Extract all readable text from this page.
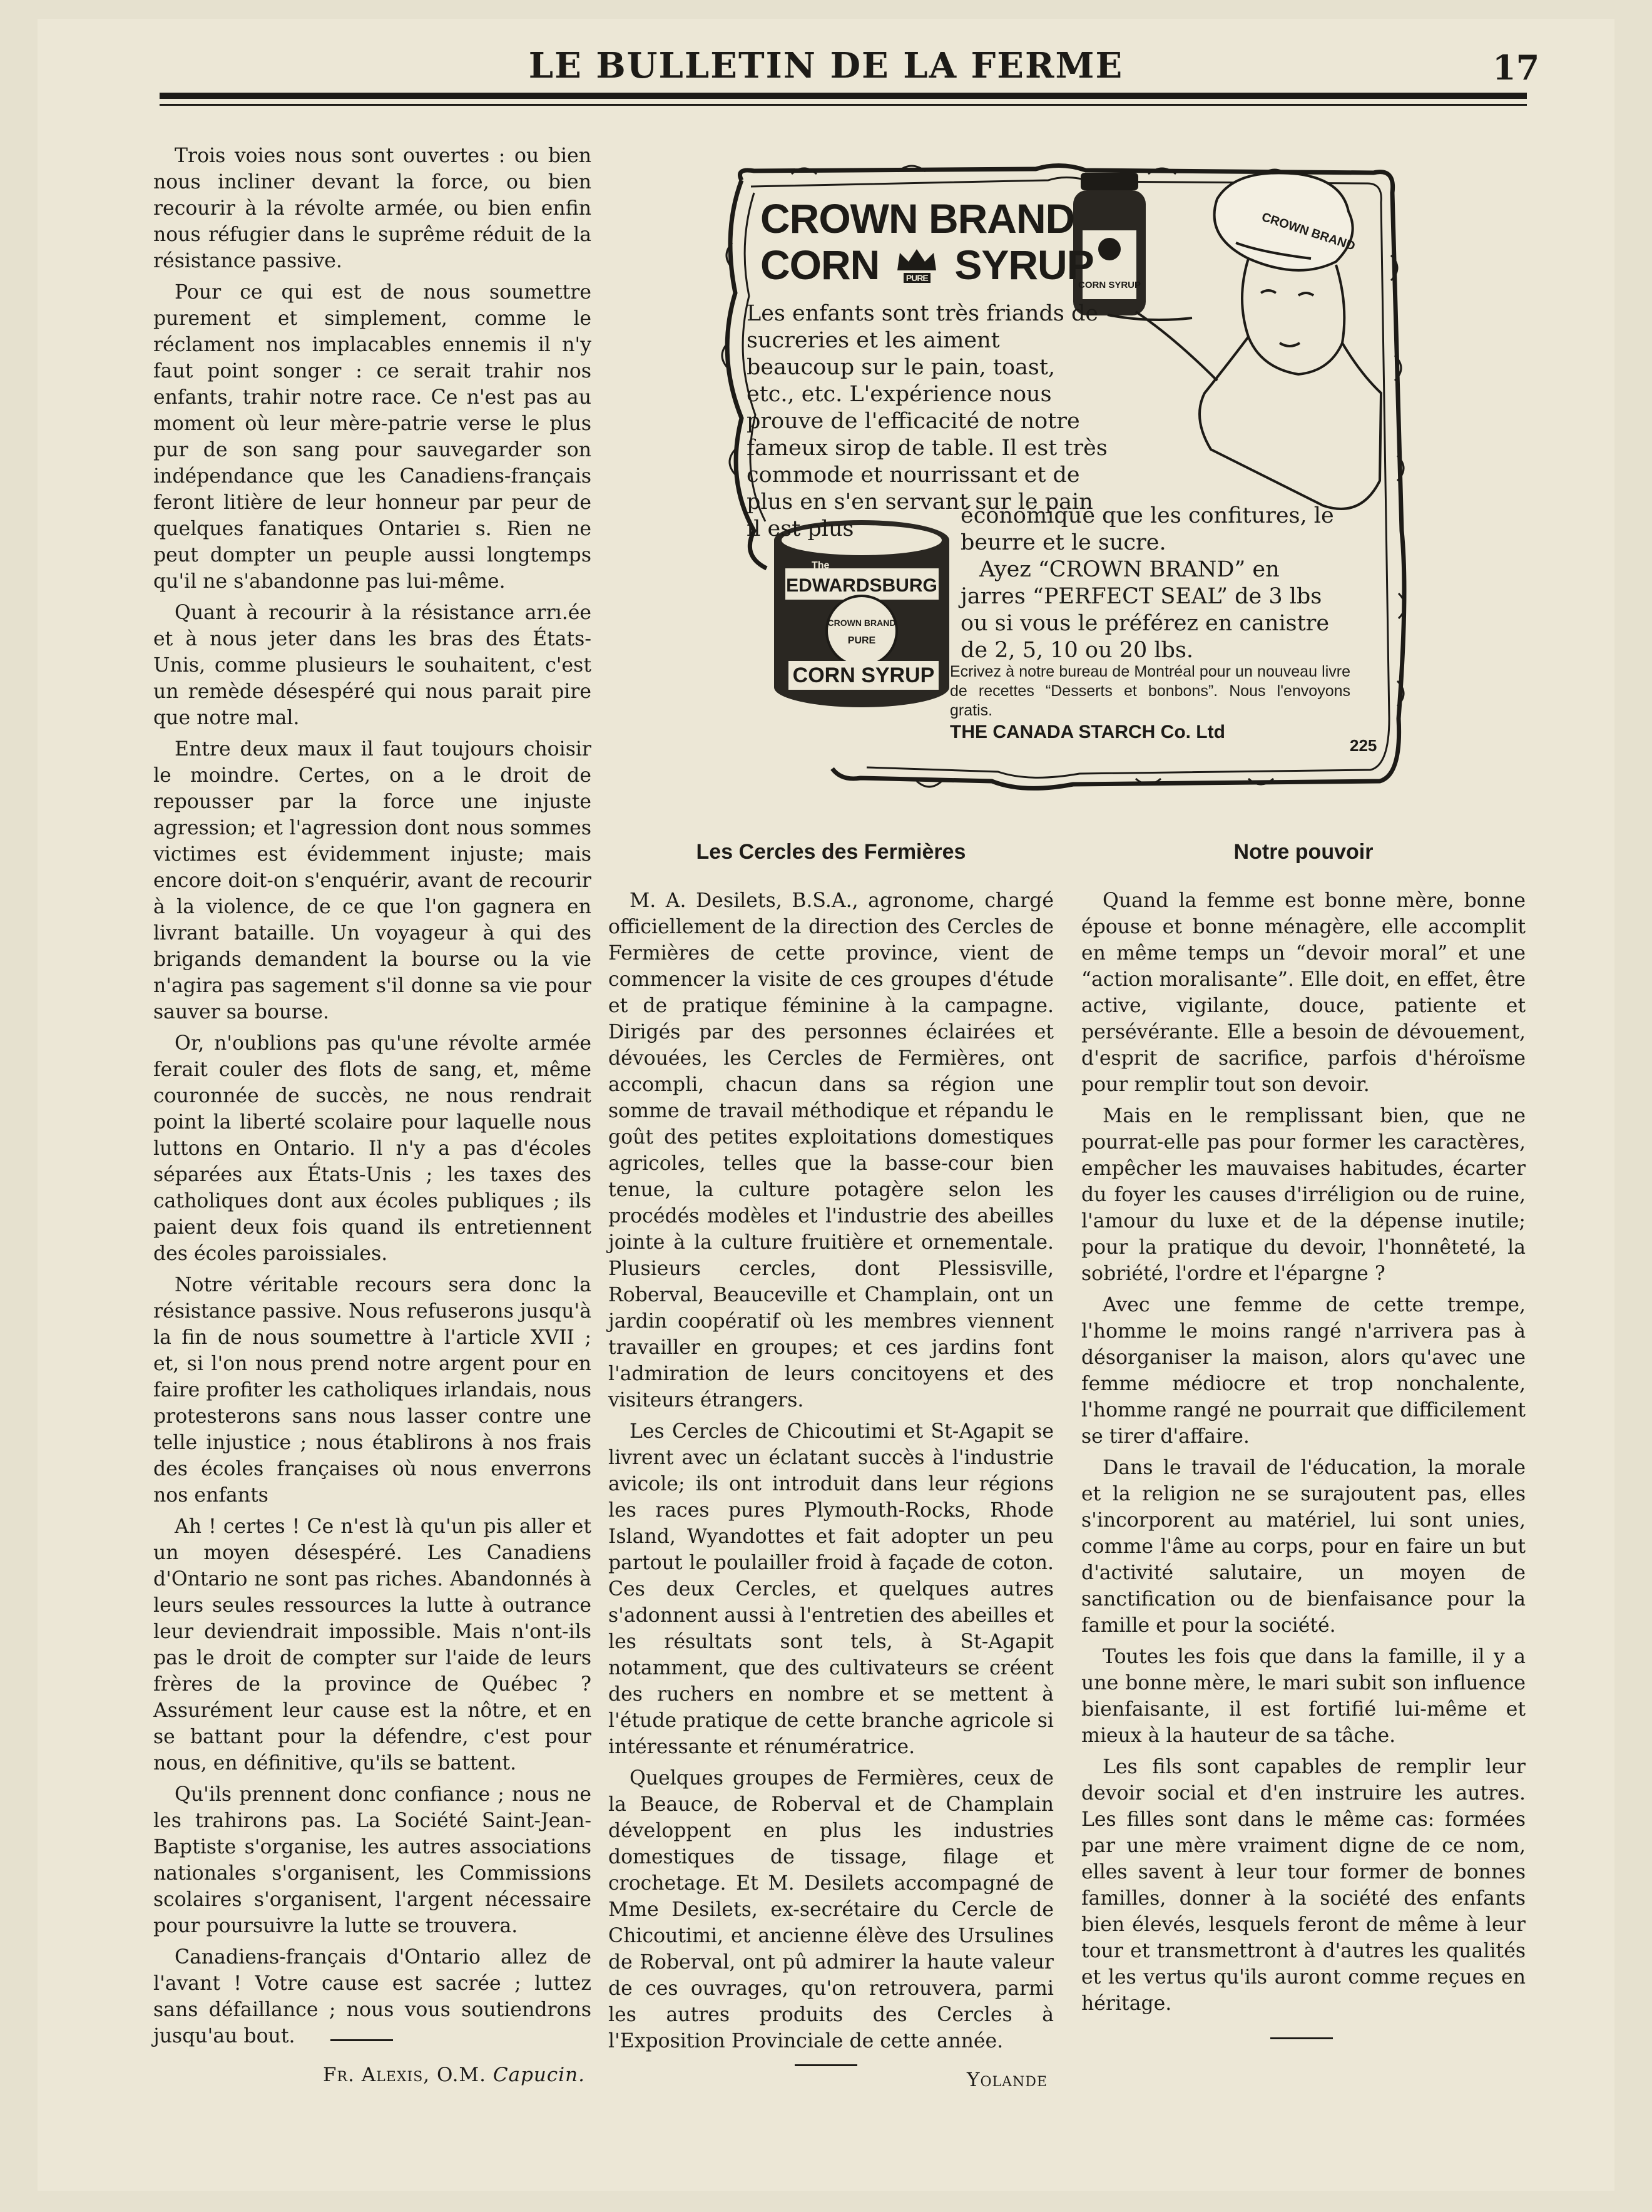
LE BULLETIN DE LA FERME	17

Trois voies nous sont ouvertes : ou bien nous incliner devant la force, ou bien recourir à la révolte armée, ou bien enfin nous réfugier dans le suprême réduit de la résistance passive.

Pour ce qui est de nous soumettre purement et simplement, comme le réclament nos implacables ennemis il n'y faut point songer : ce serait trahir nos enfants, trahir notre race. Ce n'est pas au moment où leur mère-patrie verse le plus pur de son sang pour sauvegarder son indépendance que les Canadiens-français feront litière de leur honneur par peur de quelques fanatiques Ontarieı s. Rien ne peut dompter un peuple aussi longtemps qu'il ne s'abandonne pas lui-même.

Quant à recourir à la résistance arrı.ée et à nous jeter dans les bras des États-Unis, comme plusieurs le souhaitent, c'est un remède désespéré qui nous parait pire que notre mal.

Entre deux maux il faut toujours choisir le moindre. Certes, on a le droit de repousser par la force une injuste agression; et l'agression dont nous sommes victimes est évidemment injuste; mais encore doit-on s'enquérir, avant de recourir à la violence, de ce que l'on gagnera en livrant bataille. Un voyageur à qui des brigands demandent la bourse ou la vie n'agira pas sagement s'il donne sa vie pour sauver sa bourse.

Or, n'oublions pas qu'une révolte armée ferait couler des flots de sang, et, même couronnée de succès, ne nous rendrait point la liberté scolaire pour laquelle nous luttons en Ontario. Il n'y a pas d'écoles séparées aux États-Unis ; les taxes des catholiques dont aux écoles publiques ; ils paient deux fois quand ils entretiennent des écoles paroissiales.

Notre véritable recours sera donc la résistance passive. Nous refuserons jusqu'à la fin de nous soumettre à l'article XVII ; et, si l'on nous prend notre argent pour en faire profiter les catholiques irlandais, nous protesterons sans nous lasser contre une telle injustice ; nous établirons à nos frais des écoles françaises où nous enverrons nos enfants

Ah ! certes ! Ce n'est là qu'un pis aller et un moyen désespéré. Les Canadiens d'Ontario ne sont pas riches. Abandonnés à leurs seules ressources la lutte à outrance leur deviendrait impossible. Mais n'ont-ils pas le droit de compter sur l'aide de leurs frères de la province de Québec ? Assurément leur cause est la nôtre, et en se battant pour la défendre, c'est pour nous, en définitive, qu'ils se battent.

Qu'ils prennent donc confiance ; nous ne les trahirons pas. La Société Saint-Jean-Baptiste s'organise, les autres associations nationales s'organisent, les Commissions scolaires s'organisent, l'argent nécessaire pour poursuivre la lutte se trouvera.

Canadiens-français d'Ontario allez de l'avant ! Votre cause est sacrée ; luttez sans défaillance ; nous vous soutiendrons jusqu'au bout.

Fr. Alexis, O.M. Capucin.
CORN SYRUP
CROWN BRAND
The
EDWARDSBURG
CROWN BRAND
PURE
CORN SYRUP
CROWN BRAND
CORN	PURE SYRUP
Les enfants sont très friands de sucreries et les aiment beaucoup sur le pain, toast, etc., etc. L'expérience nous prouve de l'efficacité de notre fameux sirop de table. Il est très commode et nourrissant et de plus en s'en servant sur le pain il est plus
économique que les confitures, le beurre et le sucre.
Ayez “CROWN BRAND” en jarres “PERFECT SEAL” de 3 lbs ou si vous le préférez en canistre de 2, 5, 10 ou 20 lbs.
Ecrivez à notre bureau de Montréal pour un nouveau livre de recettes “Desserts et bonbons”. Nous l'envoyons gratis.
THE CANADA STARCH Co. Ltd
225
Les Cercles des Fermières

M. A. Desilets, B.S.A., agronome, chargé officiellement de la direction des Cercles de Fermières de cette province, vient de commencer la visite de ces groupes d'étude et de pratique féminine à la campagne. Dirigés par des personnes éclairées et dévouées, les Cercles de Fermières, ont accompli, chacun dans sa région une somme de travail méthodique et répandu le goût des petites exploitations domestiques agricoles, telles que la basse-cour bien tenue, la culture potagère selon les procédés modèles et l'industrie des abeilles jointe à la culture fruitière et ornementale. Plusieurs cercles, dont Plessisville, Roberval, Beauceville et Champlain, ont un jardin coopératif où les membres viennent travailler en groupes; et ces jardins font l'admiration de leurs concitoyens et des visiteurs étrangers.

Les Cercles de Chicoutimi et St-Agapit se livrent avec un éclatant succès à l'industrie avicole; ils ont introduit dans leur régions les races pures Plymouth-Rocks, Rhode Island, Wyandottes et fait adopter un peu partout le poulailler froid à façade de coton. Ces deux Cercles, et quelques autres s'adonnent aussi à l'entretien des abeilles et les résultats sont tels, à St-Agapit notamment, que des cultivateurs se créent des ruchers en nombre et se mettent à l'étude pratique de cette branche agricole si intéressante et rénumératrice.

Quelques groupes de Fermières, ceux de la Beauce, de Roberval et de Champlain développent en plus les industries domestiques de tissage, filage et crochetage. Et M. Desilets accompagné de Mme Desilets, ex-secrétaire du Cercle de Chicoutimi, et ancienne élève des Ursulines de Roberval, ont pû admirer la haute valeur de ces ouvrages, qu'on retrouvera, parmi les autres produits des Cercles à l'Exposition Provinciale de cette année.

Yolande
Notre pouvoir

Quand la femme est bonne mère, bonne épouse et bonne ménagère, elle accomplit en même temps un “devoir moral” et une “action moralisante”. Elle doit, en effet, être active, vigilante, douce, patiente et persévérante. Elle a besoin de dévouement, d'esprit de sacrifice, parfois d'héroïsme pour remplir tout son devoir.

Mais en le remplissant bien, que ne pourrat-elle pas pour former les caractères, empêcher les mauvaises habitudes, écarter du foyer les causes d'irréligion ou de ruine, l'amour du luxe et de la dépense inutile; pour la pratique du devoir, l'honnêteté, la sobriété, l'ordre et l'épargne ?

Avec une femme de cette trempe, l'homme le moins rangé n'arrivera pas à désorganiser la maison, alors qu'avec une femme médiocre et trop nonchalente, l'homme rangé ne pourrait que difficilement se tirer d'affaire.

Dans le travail de l'éducation, la morale et la religion ne se surajoutent pas, elles s'incorporent au matériel, lui sont unies, comme l'âme au corps, pour en faire un but d'activité salutaire, un moyen de sanctification ou de bienfaisance pour la famille et pour la société.

Toutes les fois que dans la famille, il y a une bonne mère, le mari subit son influence bienfaisante, il est fortifié lui-même et mieux à la hauteur de sa tâche.

Les fils sont capables de remplir leur devoir social et d'en instruire les autres. Les filles sont dans le même cas: formées par une mère vraiment digne de ce nom, elles savent à leur tour former de bonnes familles, donner à la société des enfants bien élevés, lesquels feront de même à leur tour et transmettront à d'autres les qualités et les vertus qu'ils auront comme reçues en héritage.
